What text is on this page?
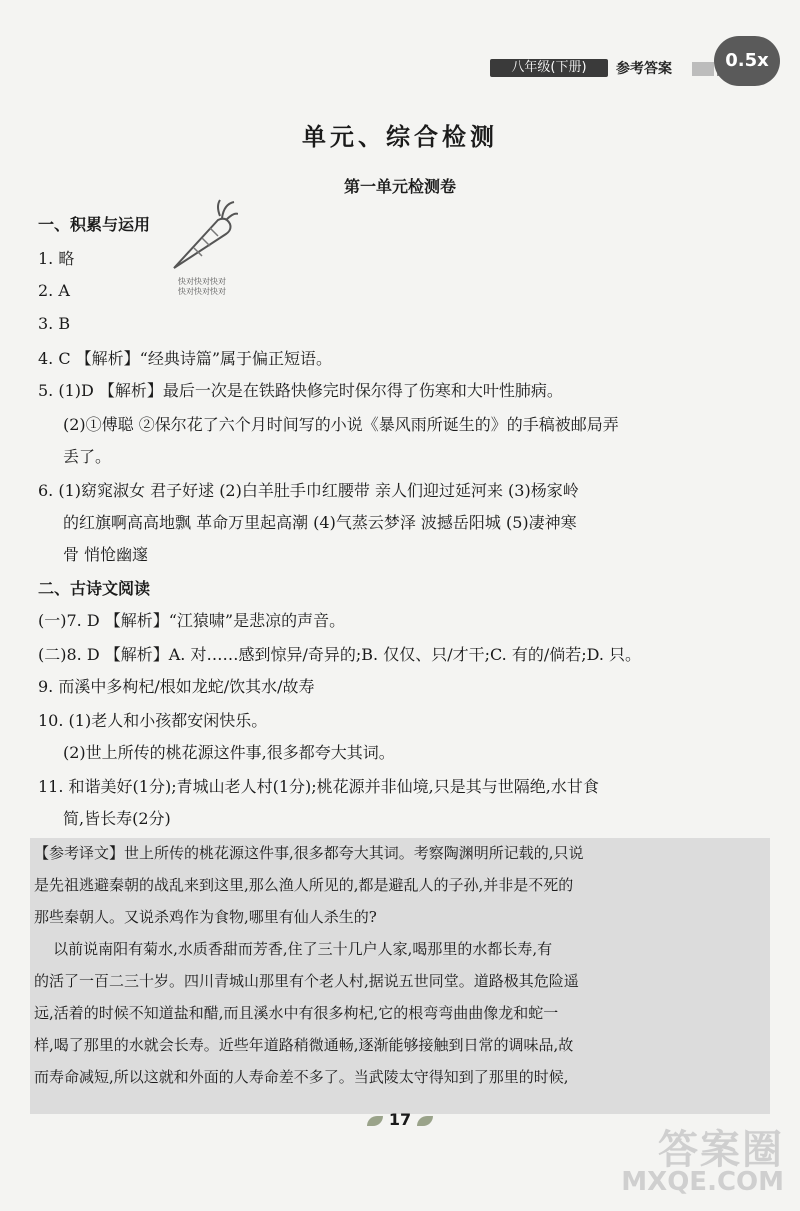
八年级(下册)	参考答案	0.5x
单元、综合检测
第一单元检测卷
一、积累与运用
快对快对快对
快对快对快对
1. 略
2. A
3. B
4. C 【解析】“经典诗篇”属于偏正短语。
5. (1)D 【解析】最后一次是在铁路快修完时保尔得了伤寒和大叶性肺病。
(2)①傅聪 ②保尔花了六个月时间写的小说《暴风雨所诞生的》的手稿被邮局弄
丢了。
6. (1)窈窕淑女 君子好逑 (2)白羊肚手巾红腰带 亲人们迎过延河来 (3)杨家岭
的红旗啊高高地飘 革命万里起高潮 (4)气蒸云梦泽 波撼岳阳城 (5)凄神寒
骨 悄怆幽邃
二、古诗文阅读
(一)7. D 【解析】“江猿啸”是悲凉的声音。
(二)8. D 【解析】A. 对……感到惊异/奇异的;B. 仅仅、只/才干;C. 有的/倘若;D. 只。
9. 而溪中多枸杞/根如龙蛇/饮其水/故寿
10. (1)老人和小孩都安闲快乐。
(2)世上所传的桃花源这件事,很多都夸大其词。
11. 和谐美好(1分);青城山老人村(1分);桃花源并非仙境,只是其与世隔绝,水甘食
简,皆长寿(2分)
【参考译文】世上所传的桃花源这件事,很多都夸大其词。考察陶渊明所记载的,只说
是先祖逃避秦朝的战乱来到这里,那么渔人所见的,都是避乱人的子孙,并非是不死的
那些秦朝人。又说杀鸡作为食物,哪里有仙人杀生的?
以前说南阳有菊水,水质香甜而芳香,住了三十几户人家,喝那里的水都长寿,有
的活了一百二三十岁。四川青城山那里有个老人村,据说五世同堂。道路极其危险遥
远,活着的时候不知道盐和醋,而且溪水中有很多枸杞,它的根弯弯曲曲像龙和蛇一
样,喝了那里的水就会长寿。近些年道路稍微通畅,逐渐能够接触到日常的调味品,故
而寿命减短,所以这就和外面的人寿命差不多了。当武陵太守得知到了那里的时候,
17
答案圈
MXQE.COM
